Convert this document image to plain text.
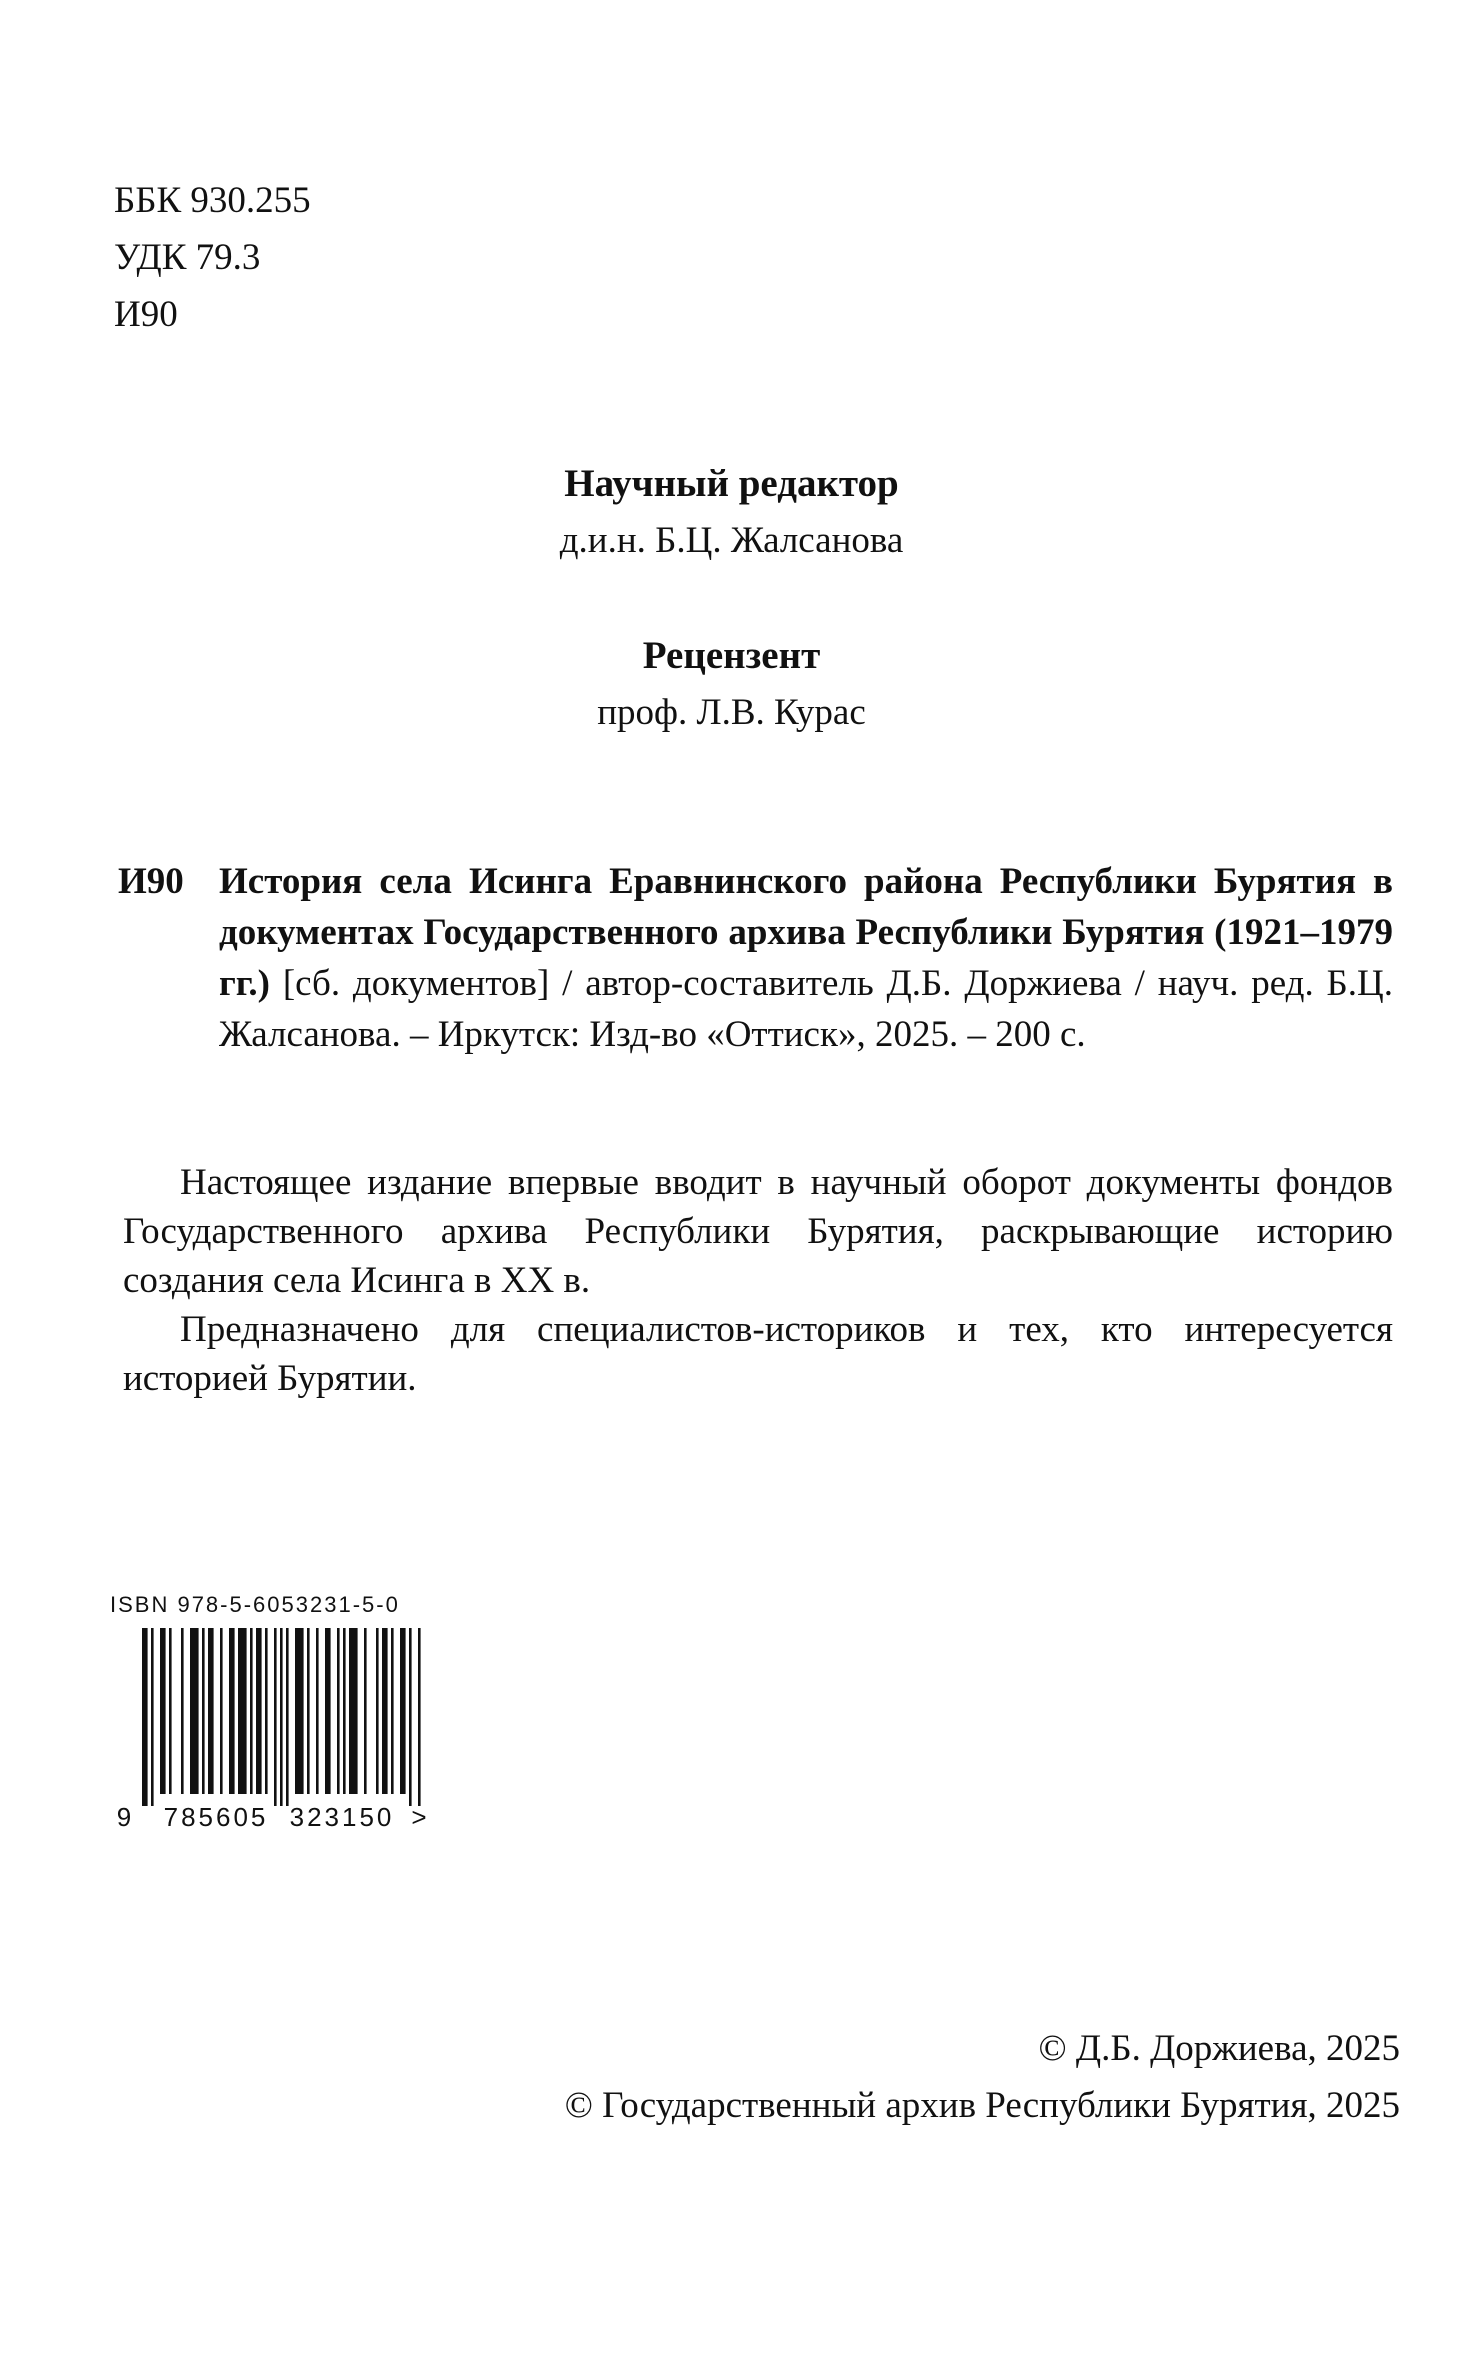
ББК 930.255
УДК 79.3
И90
Научный редактор
д.и.н. Б.Ц. Жалсанова
Рецензент
проф. Л.В. Курас
И90 История села Исинга Еравнинского района Республики Бурятия в документах Государственного архива Республики Бурятия (1921–1979 гг.) [сб. документов] / автор-составитель Д.Б. Доржиева / науч. ред. Б.Ц. Жалсанова. – Иркутск: Изд-во «Оттиск», 2025. – 200 с.

Настоящее издание впервые вводит в научный оборот документы фондов Государственного архива Республики Бурятия, раскрывающие историю создания села Исинга в XX в.

Предназначено для специалистов-историков и тех, кто интересуется историей Бурятии.

ISBN 978-5-6053231-5-0
9 785605 323150 >
© Д.Б. Доржиева, 2025
© Государственный архив Республики Бурятия, 2025
